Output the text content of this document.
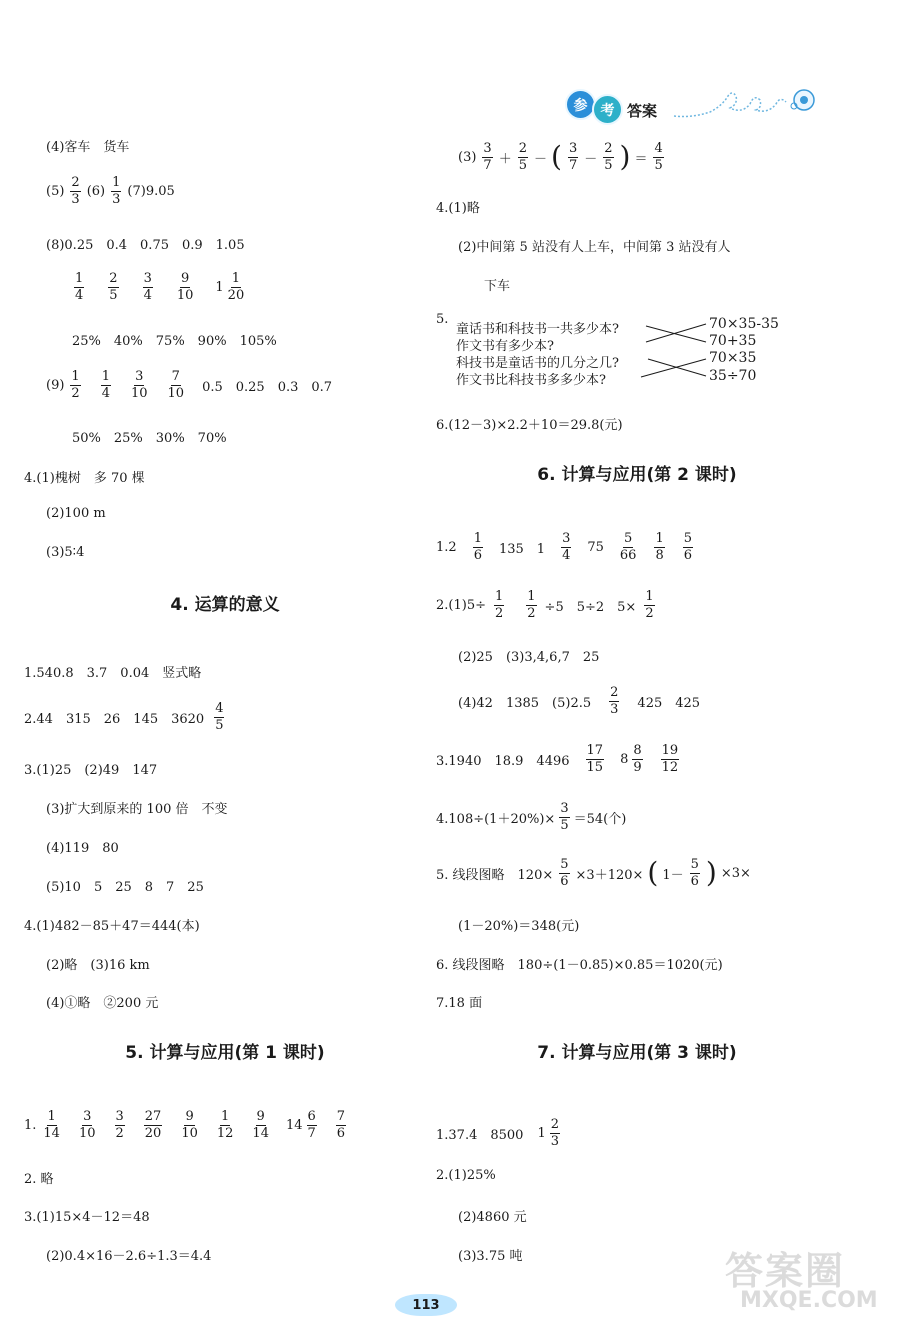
参 考 答案
(4)客车　货车
$(5) \frac{2}{3} (6) \frac{1}{3} (7)9.05$
(8)0.25　0.4　0.75　0.9　1.05
$\frac{1}{4} \frac{2}{5} \frac{3}{4} \frac{9}{10} 1 \frac{1}{20}$
25%　40%　75%　90%　105%
$(9) \frac{1}{2} \frac{1}{4} \frac{3}{10} \frac{7}{10} 0.5$　0.25　0.3　0.7
50%　25%　30%　70%
4.(1)槐树　多 70 棵
(2)100 m
(3)5∶4
4. 运算的意义
1.540.8　3.7　0.04　竖式略
2.44　315　26　145　$3620 \frac{4}{5}$
3.(1)25　(2)49　147
(3)扩大到原来的 100 倍　不变
(4)119　80
(5)10　5　25　8　7　25
4.(1)482－85＋47＝444(本)
(2)略　(3)16 km
(4)①略　②200 元
5. 计算与应用(第 1 课时)
1. $\frac{1}{14} \frac{3}{10} \frac{3}{2} \frac{27}{20} \frac{9}{10} \frac{1}{12} \frac{9}{14} 14 \frac{6}{7} \frac{7}{6}$
2. 略
3.(1)15×4－12＝48
(2)0.4×16－2.6÷1.3＝4.4
$(3) \frac{3}{7} + \frac{2}{5}$ － ( $\frac{3}{7} - \frac{2}{5}$ ) ＝ $\frac{4}{5}$
4.(1)略
(2)中间第 5 站没有人上车，中间第 3 站没有人
下车
5.
童话书和科技书一共多少本?
作文书有多少本?
科技书是童话书的几分之几?
作文书比科技书多多少本?
70×35-35
70+35
70×35
35÷70
6.(12－3)×2.2＋10＝29.8(元)
6. 计算与应用(第 2 课时)
$1.2 \frac{1}{6} 135$　$1 \frac{3}{4} 75 \frac{5}{66} \frac{1}{8} \frac{5}{6}$
$2.(1)5\div \frac{1}{2} \frac{1}{2} \div 5$　5÷2　$5\times \frac{1}{2}$
(2)25　(3)3,4,6,7　25
(4)42　1385　$(5)2.5 \frac{2}{3} 425$　425
3.1940　18.9　$4496 \frac{17}{15} 8 \frac{8}{9} \frac{19}{12}$
$4.108\div(1+20\%)\times \frac{3}{5} =54$(个)
5. 线段图略　$120\times \frac{5}{6} \times 3+120\times$ ( $1- \frac{5}{6}$ ) ×3×
(1－20%)＝348(元)
6. 线段图略　180÷(1－0.85)×0.85＝1020(元)
7.18 面
7. 计算与应用(第 3 课时)
1.37.4　8500 $1 \frac{2}{3}$
2.(1)25%
(2)4860 元
(3)3.75 吨
113
答案圈
MXQE.COM
